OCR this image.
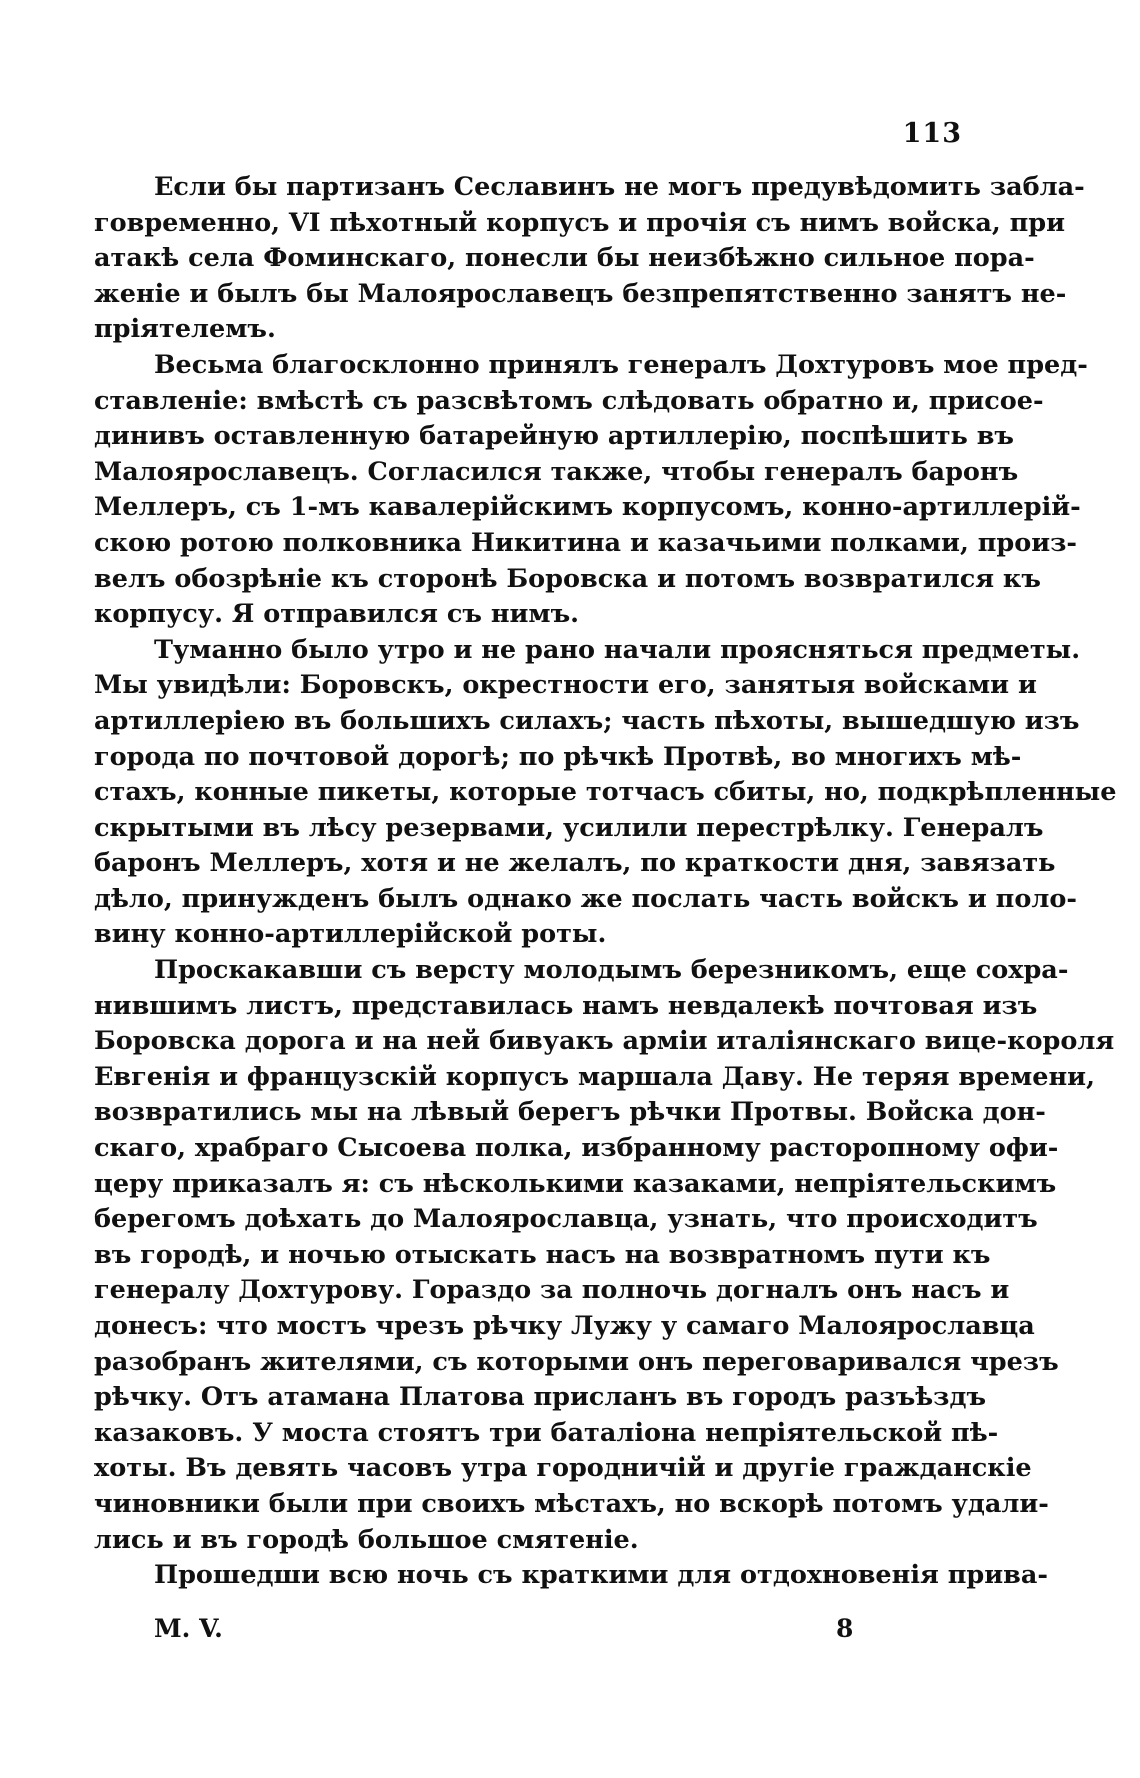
113
Если бы партизанъ Сеславинъ не могъ предувѣдомить забла-
говременно, VI пѣхотный корпусъ и прочія съ нимъ войска, при
атакѣ села Фоминскаго, понесли бы неизбѣжно сильное пора-
женіе и былъ бы Малоярославецъ безпрепятственно занятъ не-
пріятелемъ.
Весьма благосклонно принялъ генералъ Дохтуровъ мое пред-
ставленіе: вмѣстѣ съ разсвѣтомъ слѣдовать обратно и, присое-
динивъ оставленную батарейную артиллерію, поспѣшить въ
Малоярославецъ. Согласился также, чтобы генералъ баронъ
Меллеръ, съ 1-мъ кавалерійскимъ корпусомъ, конно-артиллерій-
скою ротою полковника Никитина и казачьими полками, произ-
велъ обозрѣніе къ сторонѣ Боровска и потомъ возвратился къ
корпусу. Я отправился съ нимъ.
Туманно было утро и не рано начали проясняться предметы.
Мы увидѣли: Боровскъ, окрестности его, занятыя войсками и
артиллеріею въ большихъ силахъ; часть пѣхоты, вышедшую изъ
города по почтовой дорогѣ; по рѣчкѣ Протвѣ, во многихъ мѣ-
стахъ, конные пикеты, которые тотчасъ сбиты, но, подкрѣпленные
скрытыми въ лѣсу резервами, усилили перестрѣлку. Генералъ
баронъ Меллеръ, хотя и не желалъ, по краткости дня, завязать
дѣло, принужденъ былъ однако же послать часть войскъ и поло-
вину конно-артиллерійской роты.
Проскакавши съ версту молодымъ березникомъ, еще сохра-
нившимъ листъ, представилась намъ невдалекѣ почтовая изъ
Боровска дорога и на ней бивуакъ арміи италіянскаго вице-короля
Евгенія и французскій корпусъ маршала Даву. Не теряя времени,
возвратились мы на лѣвый берегъ рѣчки Протвы. Войска дон-
скаго, храбраго Сысоева полка, избранному расторопному офи-
церу приказалъ я: съ нѣсколькими казаками, непріятельскимъ
берегомъ доѣхать до Малоярославца, узнать, что происходитъ
въ городѣ, и ночью отыскать насъ на возвратномъ пути къ
генералу Дохтурову. Гораздо за полночь догналъ онъ насъ и
донесъ: что мостъ чрезъ рѣчку Лужу у самаго Малоярославца
разобранъ жителями, съ которыми онъ переговаривался чрезъ
рѣчку. Отъ атамана Платова присланъ въ городъ разъѣздъ
казаковъ. У моста стоятъ три баталіона непріятельской пѣ-
хоты. Въ девять часовъ утра городничій и другіе гражданскіе
чиновники были при своихъ мѣстахъ, но вскорѣ потомъ удали-
лись и въ городѣ большое смятеніе.
Прошедши всю ночь съ краткими для отдохновенія прива-
M. V.	8
